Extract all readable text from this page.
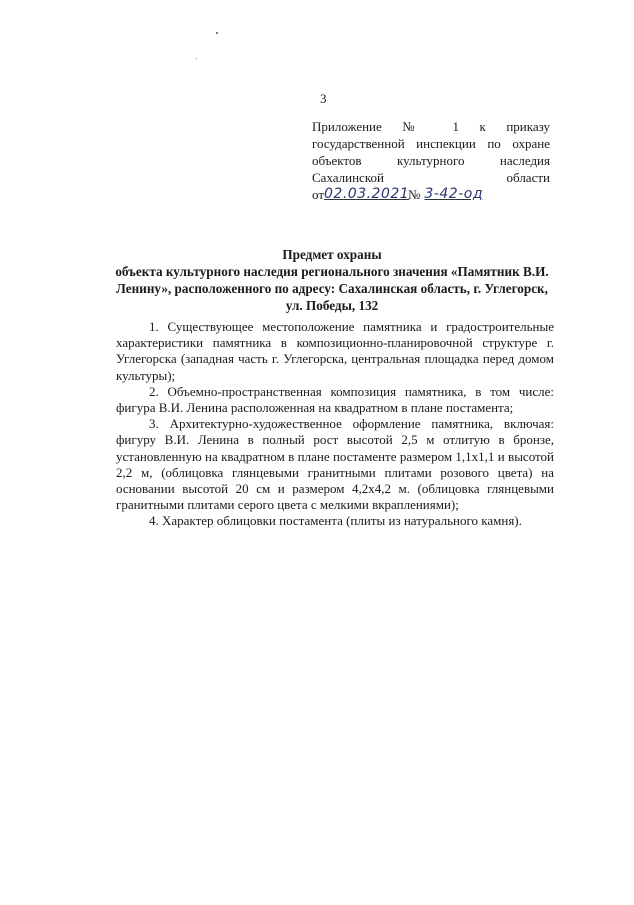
3
Приложение № 1 к приказу
государственной инспекции по охране
объектов культурного наследия
Сахалинской области
от 02.03.2021
№ 3-42-од
Предмет охраны
объекта культурного наследия регионального значения «Памятник В.И. Ленину», расположенного по адресу: Сахалинская область, г. Углегорск, ул. Победы, 132

1. Существующее местоположение памятника и градостроительные характеристики памятника в композиционно-планировочной структуре г. Углегорска (западная часть г. Углегорска, центральная площадка перед домом культуры);

2. Объемно-пространственная композиция памятника, в том числе: фигура В.И. Ленина расположенная на квадратном в плане постамента;

3. Архитектурно-художественное оформление памятника, включая: фигуру В.И. Ленина в полный рост высотой 2,5 м отлитую в бронзе, установленную на квадратном в плане постаменте размером 1,1х1,1 и высотой 2,2 м, (облицовка глянцевыми гранитными плитами розового цвета) на основании высотой 20 см и размером 4,2х4,2 м. (облицовка глянцевыми гранитными плитами серого цвета с мелкими вкраплениями);

4. Характер облицовки постамента (плиты из натурального камня).
